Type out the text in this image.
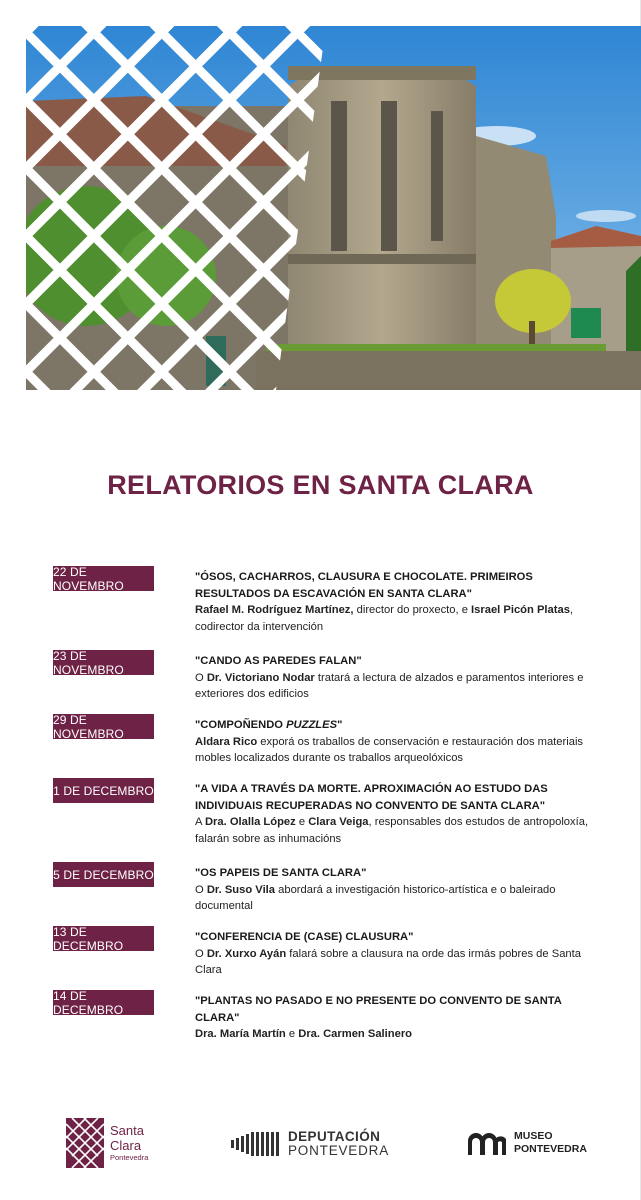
RELATORIOS EN SANTA CLARA
22 DE NOVEMBRO
"ÓSOS, CACHARROS, CLAUSURA E CHOCOLATE. PRIMEIROS RESULTADOS DA ESCAVACIÓN EN SANTA CLARA"
Rafael M. Rodríguez Martínez, director do proxecto, e Israel Picón Platas, codirector da intervención
23 DE NOVEMBRO
"CANDO AS PAREDES FALAN"
O Dr. Victoriano Nodar tratará a lectura de alzados e paramentos interiores e exteriores dos edificios
29 DE NOVEMBRO
"COMPOÑENDO PUZZLES"
Aldara Rico exporá os traballos de conservación e restauración dos materiais mobles localizados durante os traballos arqueolóxicos
1 DE DECEMBRO	"A VIDA A TRAVÉS DA MORTE. APROXIMACIÓN AO ESTUDO DAS INDIVIDUAIS RECUPERADAS NO CONVENTO DE SANTA CLARA"
A Dra. Olalla López e Clara Veiga, responsables dos estudos de antropoloxía, falarán sobre as inhumacións
5 DE DECEMBRO	"OS PAPEIS DE SANTA CLARA"
O Dr. Suso Vila abordará a investigación historico-artística e o baleirado documental
13 DE DECEMBRO
"CONFERENCIA DE (CASE) CLAUSURA"
O Dr. Xurxo Ayán falará sobre a clausura na orde das irmás pobres de Santa Clara
14 DE DECEMBRO
"PLANTAS NO PASADO E NO PRESENTE DO CONVENTO DE SANTA CLARA"
Dra. María Martín e Dra. Carmen Salinero
Santa
Clara
Pontevedra
DEPUTACIÓN
PONTEVEDRA
MUSEO
PONTEVEDRA
